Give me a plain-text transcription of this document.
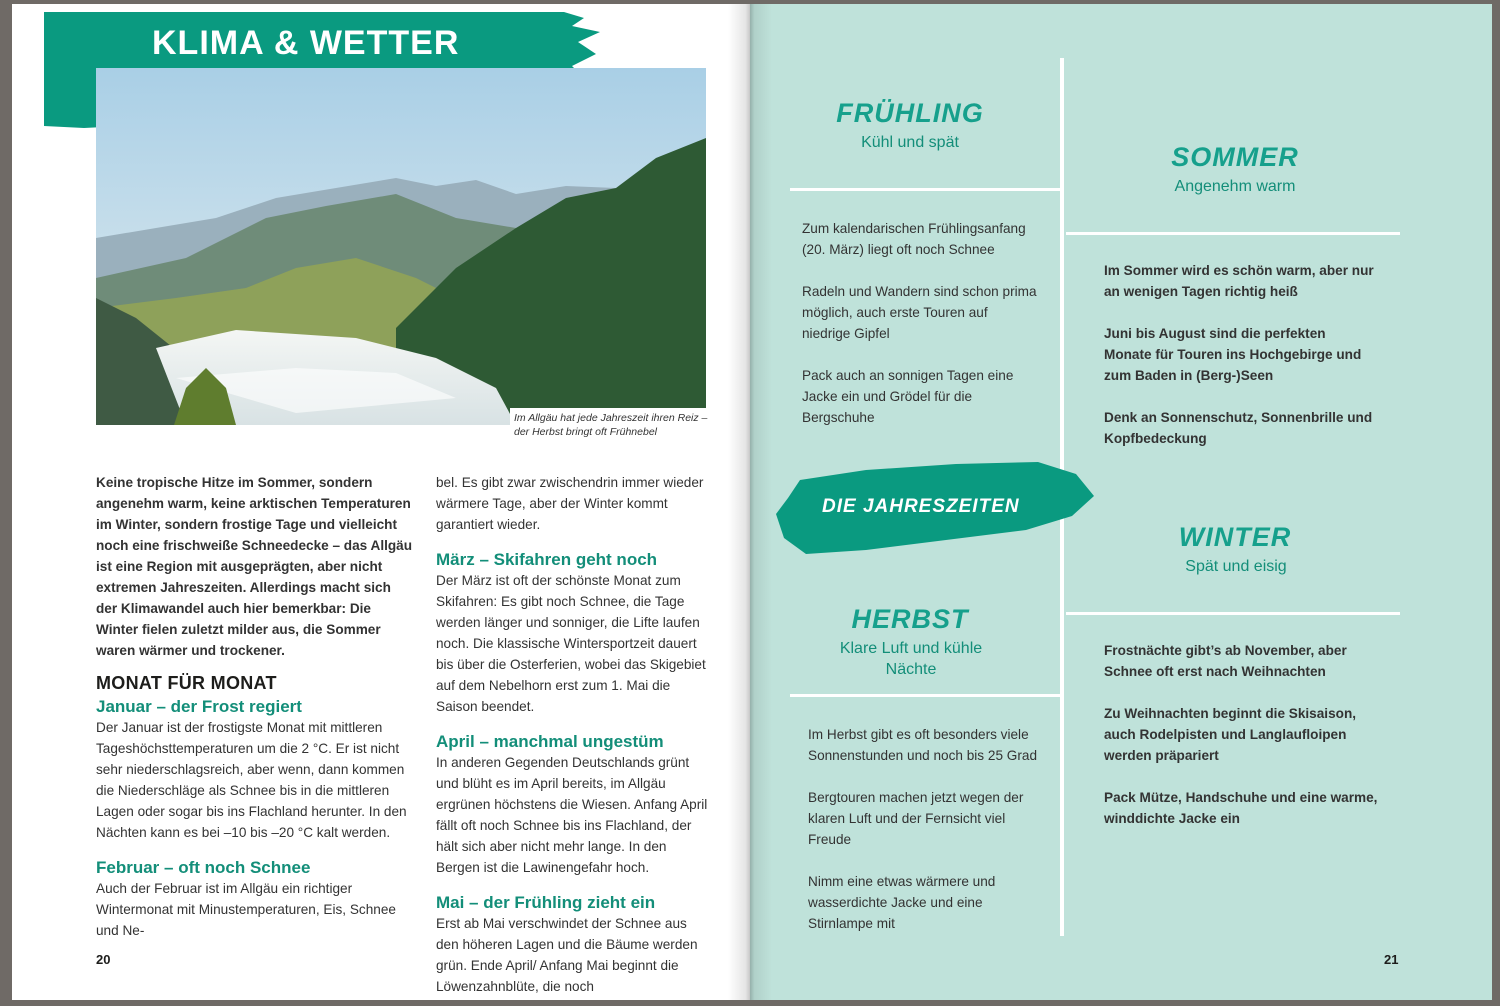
KLIMA & WETTER
Im Allgäu hat jede Jahreszeit ihren Reiz – der Herbst bringt oft Frühnebel

Keine tropische Hitze im Sommer, sondern angenehm warm, keine arktischen Temperaturen im Winter, sondern frostige Tage und vielleicht noch eine frischweiße Schneedecke – das Allgäu ist eine Region mit ausgeprägten, aber nicht extremen Jahreszeiten. Allerdings macht sich der Klimawandel auch hier bemerkbar: Die Winter fielen zuletzt milder aus, die Sommer waren wärmer und trockener.

MONAT FÜR MONAT

Januar – der Frost regiert

Der Januar ist der frostigste Monat mit mittleren Tageshöchsttemperaturen um die 2 °C. Er ist nicht sehr niederschlagsreich, aber wenn, dann kommen die Niederschläge als Schnee bis in die mittleren Lagen oder sogar bis ins Flachland herunter. In den Nächten kann es bei –10 bis –20 °C kalt werden.

Februar – oft noch Schnee

Auch der Februar ist im Allgäu ein richtiger Wintermonat mit Minustemperaturen, Eis, Schnee und Ne-

bel. Es gibt zwar zwischendrin immer wieder wärmere Tage, aber der Winter kommt garantiert wieder.

März – Skifahren geht noch

Der März ist oft der schönste Monat zum Skifahren: Es gibt noch Schnee, die Tage werden länger und sonniger, die Lifte laufen noch. Die klassische Wintersportzeit dauert bis über die Osterferien, wobei das Skigebiet auf dem Nebelhorn erst zum 1. Mai die Saison beendet.

April – manchmal ungestüm

In anderen Gegenden Deutschlands grünt und blüht es im April bereits, im Allgäu ergrünen höchstens die Wiesen. Anfang April fällt oft noch Schnee bis ins Flachland, der hält sich aber nicht mehr lange. In den Bergen ist die Lawinengefahr hoch.

Mai – der Frühling zieht ein

Erst ab Mai verschwindet der Schnee aus den höheren Lagen und die Bäume werden grün. Ende April/ Anfang Mai beginnt die Löwenzahnblüte, die noch

20
FRÜHLING
Kühl und spät

Zum kalendarischen Frühlingsanfang (20. März) liegt oft noch Schnee

Radeln und Wandern sind schon prima möglich, auch erste Touren auf niedrige Gipfel

Pack auch an sonnigen Tagen eine Jacke ein und Grödel für die Bergschuhe

SOMMER
Angenehm warm

Im Sommer wird es schön warm, aber nur an wenigen Tagen richtig heiß

Juni bis August sind die perfekten Monate für Touren ins Hochgebirge und zum Baden in (Berg-)Seen

Denk an Sonnenschutz, Sonnenbrille und Kopfbedeckung

DIE JAHRESZEITEN
HERBST
Klare Luft und kühle Nächte

Im Herbst gibt es oft besonders viele Sonnenstunden und noch bis 25 Grad

Bergtouren machen jetzt wegen der klaren Luft und der Fernsicht viel Freude

Nimm eine etwas wärmere und wasserdichte Jacke und eine Stirnlampe mit

WINTER
Spät und eisig

Frostnächte gibt’s ab November, aber Schnee oft erst nach Weihnachten

Zu Weihnachten beginnt die Skisaison, auch Rodelpisten und Langlaufloipen werden präpariert

Pack Mütze, Handschuhe und eine warme, winddichte Jacke ein

21
